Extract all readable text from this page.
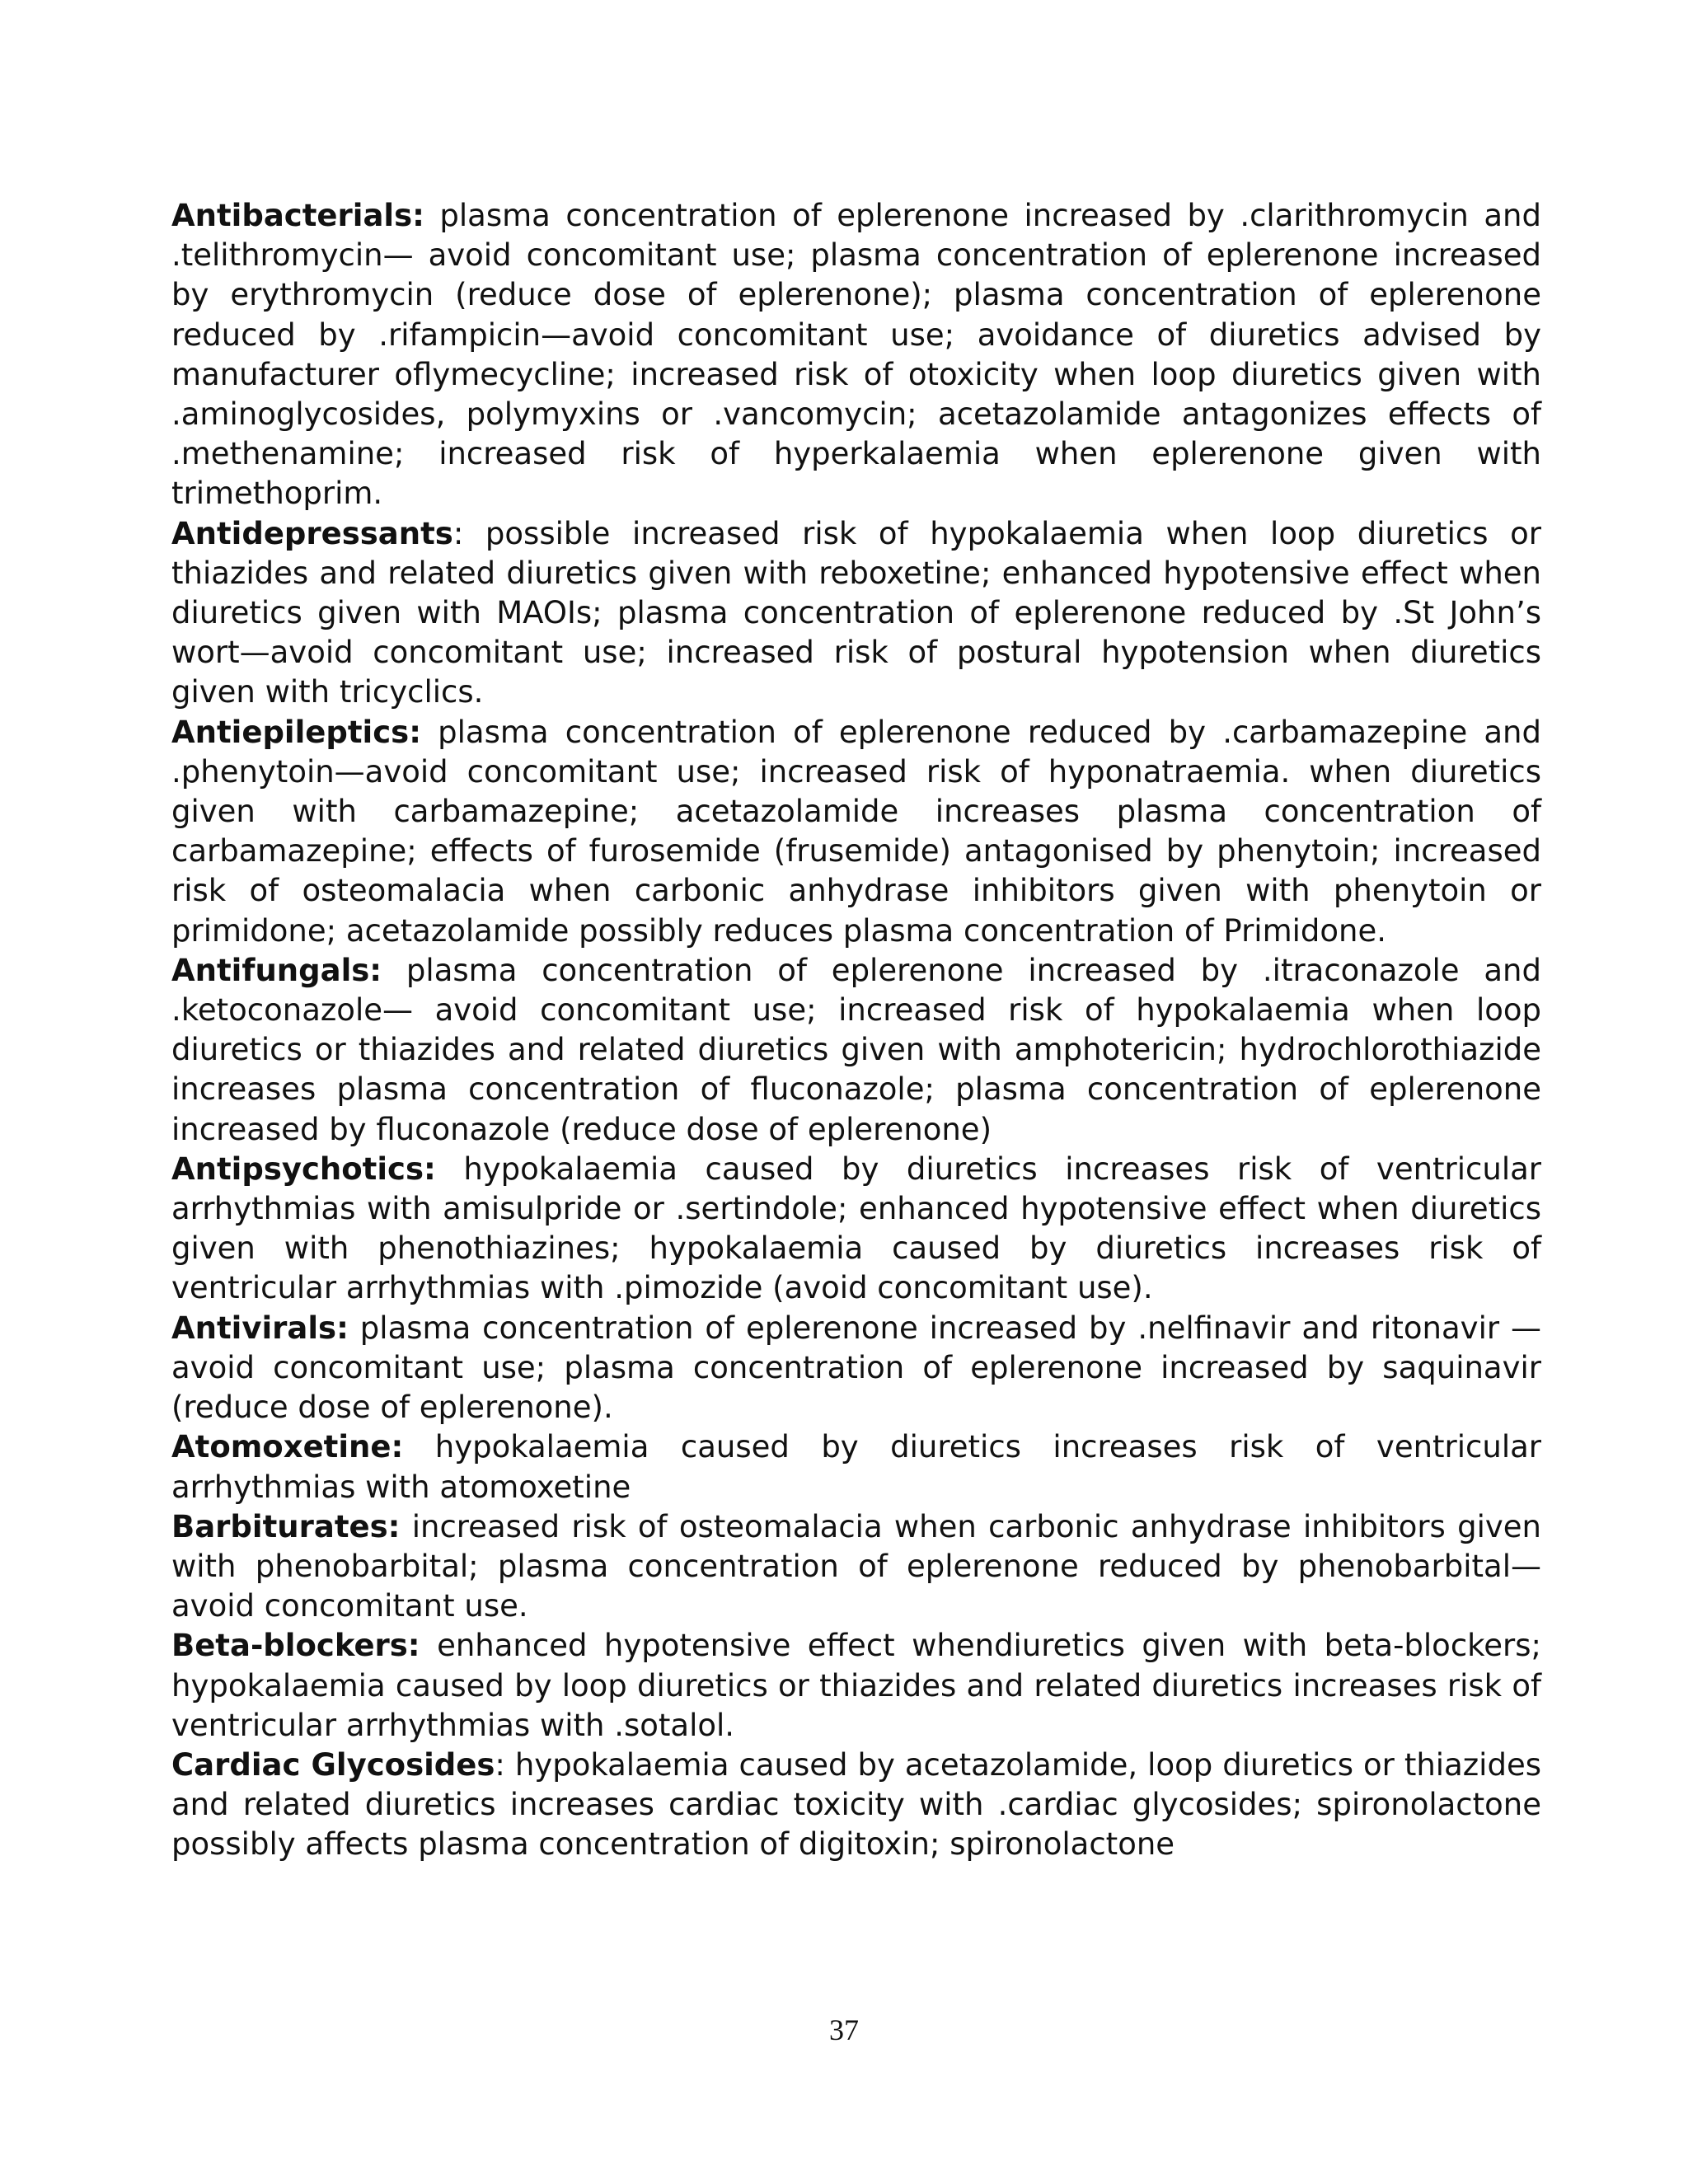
Antibacterials: plasma concentration of eplerenone increased by .clarithromycin and .telithromycin— avoid concomitant use; plasma concentration of eplerenone increased by erythromycin (reduce dose of eplerenone); plasma concentration of eplerenone reduced by .rifampicin—avoid concomitant use; avoidance of diuretics advised by manufacturer oflymecycline; increased risk of otoxicity when loop diuretics given with .aminoglycosides, polymyxins or .vancomycin; acetazolamide antagonizes effects of .methenamine; increased risk of hyperkalaemia when eplerenone given with trimethoprim.

Antidepressants: possible increased risk of hypokalaemia when loop diuretics or thiazides and related diuretics given with reboxetine; enhanced hypotensive effect when diuretics given with MAOIs; plasma concentration of eplerenone reduced by .St John’s wort—avoid concomitant use; increased risk of postural hypotension when diuretics given with tricyclics.

Antiepileptics: plasma concentration of eplerenone reduced by .carbamazepine and .phenytoin—avoid concomitant use; increased risk of hyponatraemia. when diuretics given with carbamazepine; acetazolamide increases plasma concentration of carbamazepine; effects of furosemide (frusemide) antagonised by phenytoin; increased risk of osteomalacia when carbonic anhydrase inhibitors given with phenytoin or primidone; acetazolamide possibly reduces plasma concentration of Primidone.

Antifungals: plasma concentration of eplerenone increased by .itraconazole and .ketoconazole— avoid concomitant use; increased risk of hypokalaemia when loop diuretics or thiazides and related diuretics given with amphotericin; hydrochlorothiazide increases plasma concentration of fluconazole; plasma concentration of eplerenone increased by fluconazole (reduce dose of eplerenone)

Antipsychotics: hypokalaemia caused by diuretics increases risk of ventricular arrhythmias with amisulpride or .sertindole; enhanced hypotensive effect when diuretics given with phenothiazines; hypokalaemia caused by diuretics increases risk of ventricular arrhythmias with .pimozide (avoid concomitant use).

Antivirals: plasma concentration of eplerenone increased by .nelfinavir and ritonavir —avoid concomitant use; plasma concentration of eplerenone increased by saquinavir (reduce dose of eplerenone).

Atomoxetine: hypokalaemia caused by diuretics increases risk of ventricular arrhythmias with atomoxetine

Barbiturates: increased risk of osteomalacia when carbonic anhydrase inhibitors given with phenobarbital; plasma concentration of eplerenone reduced by phenobarbital—avoid concomitant use.

Beta-blockers: enhanced hypotensive effect whendiuretics given with beta-blockers; hypokalaemia caused by loop diuretics or thiazides and related diuretics increases risk of ventricular arrhythmias with .sotalol.

Cardiac Glycosides: hypokalaemia caused by acetazolamide, loop diuretics or thiazides and related diuretics increases cardiac toxicity with .cardiac glycosides; spironolactone possibly affects plasma concentration of digitoxin; spironolactone

37
